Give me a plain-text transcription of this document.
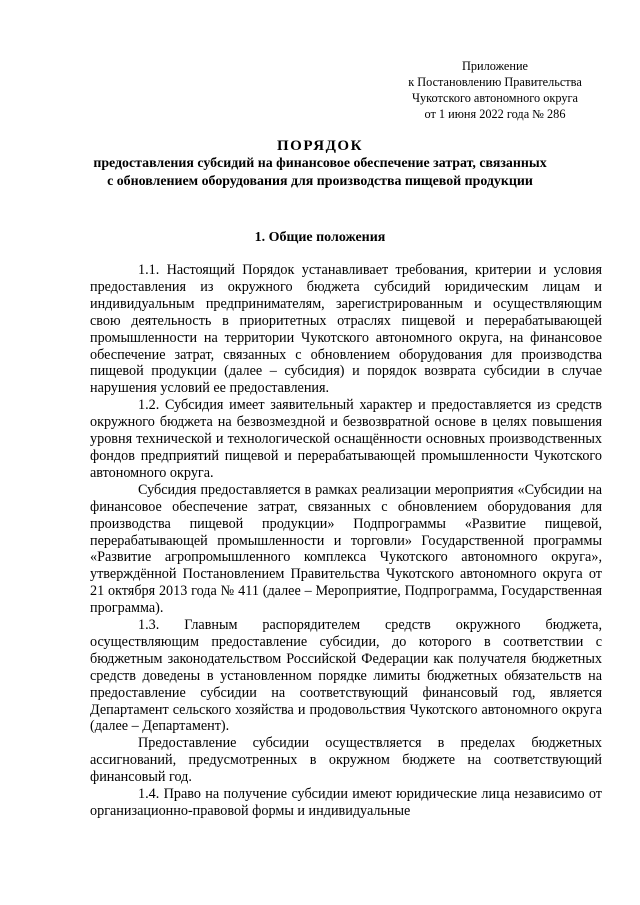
Приложение
к Постановлению Правительства
Чукотского автономного округа
от 1 июня 2022 года № 286
ПОРЯДОК
предоставления субсидий на финансовое обеспечение затрат, связанных с обновлением оборудования для производства пищевой продукции
1. Общие положения

1.1. Настоящий Порядок устанавливает требования, критерии и условия предоставления из окружного бюджета субсидий юридическим лицам и индивидуальным предпринимателям, зарегистрированным и осуществляющим свою деятельность в приоритетных отраслях пищевой и перерабатывающей промышленности на территории Чукотского автономного округа, на финансовое обеспечение затрат, связанных с обновлением оборудования для производства пищевой продукции (далее – субсидия) и порядок возврата субсидии в случае нарушения условий ее предоставления.

1.2. Субсидия имеет заявительный характер и предоставляется из средств окружного бюджета на безвозмездной и безвозвратной основе в целях повышения уровня технической и технологической оснащённости основных производственных фондов предприятий пищевой и перерабатывающей промышленности Чукотского автономного округа.

Субсидия предоставляется в рамках реализации мероприятия «Субсидии на финансовое обеспечение затрат, связанных с обновлением оборудования для производства пищевой продукции» Подпрограммы «Развитие пищевой, перерабатывающей промышленности и торговли» Государственной программы «Развитие агропромышленного комплекса Чукотского автономного округа», утверждённой Постановлением Правительства Чукотского автономного округа от 21 октября 2013 года № 411 (далее – Мероприятие, Подпрограмма, Государственная программа).

1.3. Главным распорядителем средств окружного бюджета, осуществляющим предоставление субсидии, до которого в соответствии с бюджетным законодательством Российской Федерации как получателя бюджетных средств доведены в установленном порядке лимиты бюджетных обязательств на предоставление субсидии на соответствующий финансовый год, является Департамент сельского хозяйства и продовольствия Чукотского автономного округа (далее – Департамент).

Предоставление субсидии осуществляется в пределах бюджетных ассигнований, предусмотренных в окружном бюджете на соответствующий финансовый год.

1.4. Право на получение субсидии имеют юридические лица независимо от организационно-правовой формы и индивидуальные
